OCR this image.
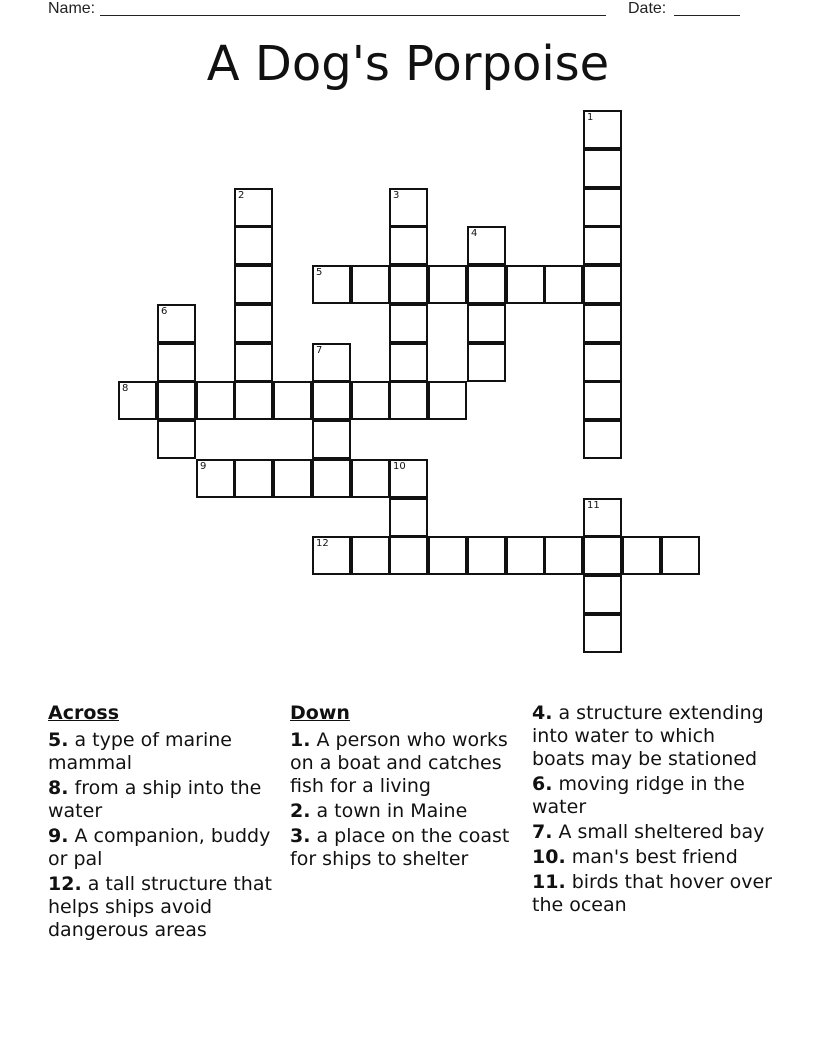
Name:	Date:
A Dog's Porpoise
1
2	3
4
5
6
7
8
9	10
11
12
Across
5. a type of marine mammal
8. from a ship into the water
9. A companion, buddy or pal
12. a tall structure that helps ships avoid dangerous areas
Down
1. A person who works on a boat and catches fish for a living
2. a town in Maine
3. a place on the coast for ships to shelter
4. a structure extending into water to which boats may be stationed
6. moving ridge in the water
7. A small sheltered bay
10. man's best friend
11. birds that hover over the ocean
